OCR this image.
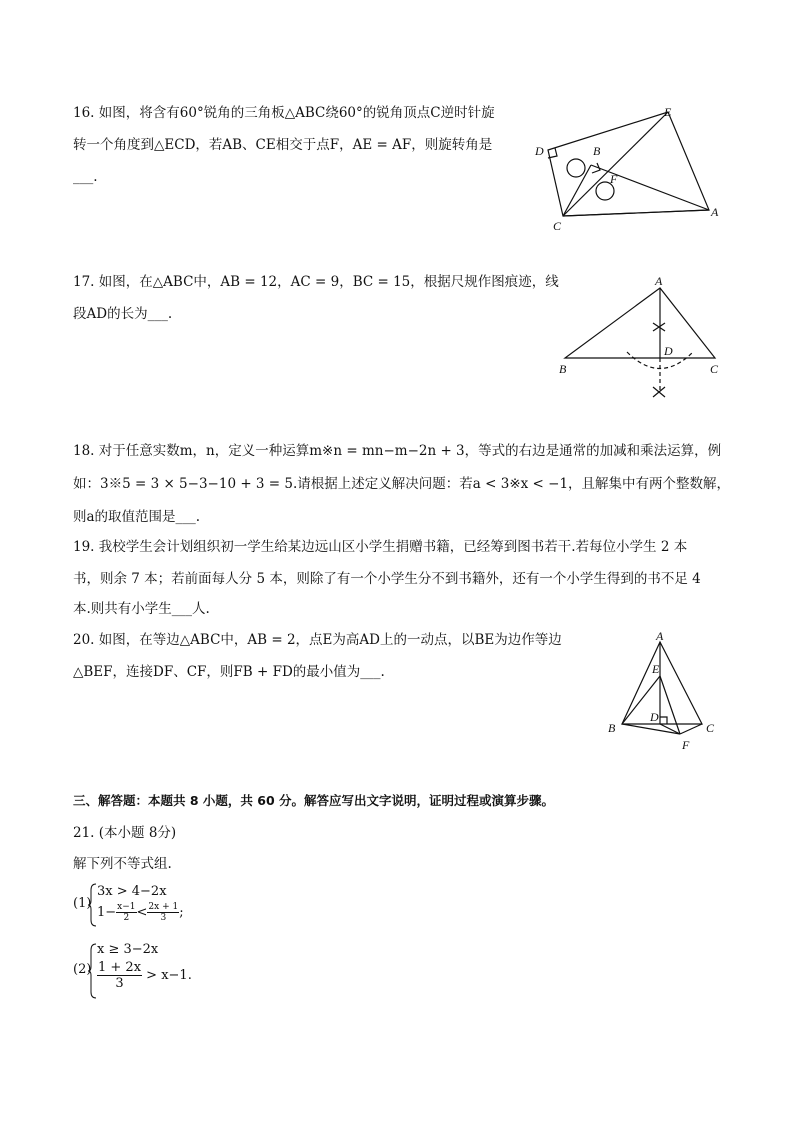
16. 如图，将含有60°锐角的三角板△ABC绕60°的锐角顶点C逆时针旋
转一个角度到△ECD，若AB、CE相交于点F，AE = AF，则旋转角是
___.
D	B
E
F
C
A
17. 如图，在△ABC中，AB = 12，AC = 9，BC = 15，根据尺规作图痕迹，线
段AD的长为___.
A
B	C
D
18. 对于任意实数m，n，定义一种运算m※n = mn−m−2n + 3，等式的右边是通常的加减和乘法运算，例
如：3※5 = 3 × 5−3−10 + 3 = 5.请根据上述定义解决问题：若a < 3※x < −1，且解集中有两个整数解，
则a的取值范围是___.
19. 我校学生会计划组织初一学生给某边远山区小学生捐赠书籍，已经筹到图书若干.若每位小学生 2 本
书，则余 7 本；若前面每人分 5 本，则除了有一个小学生分不到书籍外，还有一个小学生得到的书不足 4
本.则共有小学生___人.
20. 如图，在等边△ABC中，AB = 2，点E为高AD上的一动点，以BE为边作等边
△BEF，连接DF、CF，则FB + FD的最小值为___.
A
E
D
B	C
F
三、解答题：本题共 8 小题，共 60 分。解答应写出文字说明，证明过程或演算步骤。
21. (本小题 8分)
解下列不等式组.
(1)
3x > 4−2x
$1- \frac{x-1}{2} < \frac{2x + 1}{3}$ ;
(2)
x ≥ 3−2x
$\frac{1 + 2x}{3} > x-1$.
